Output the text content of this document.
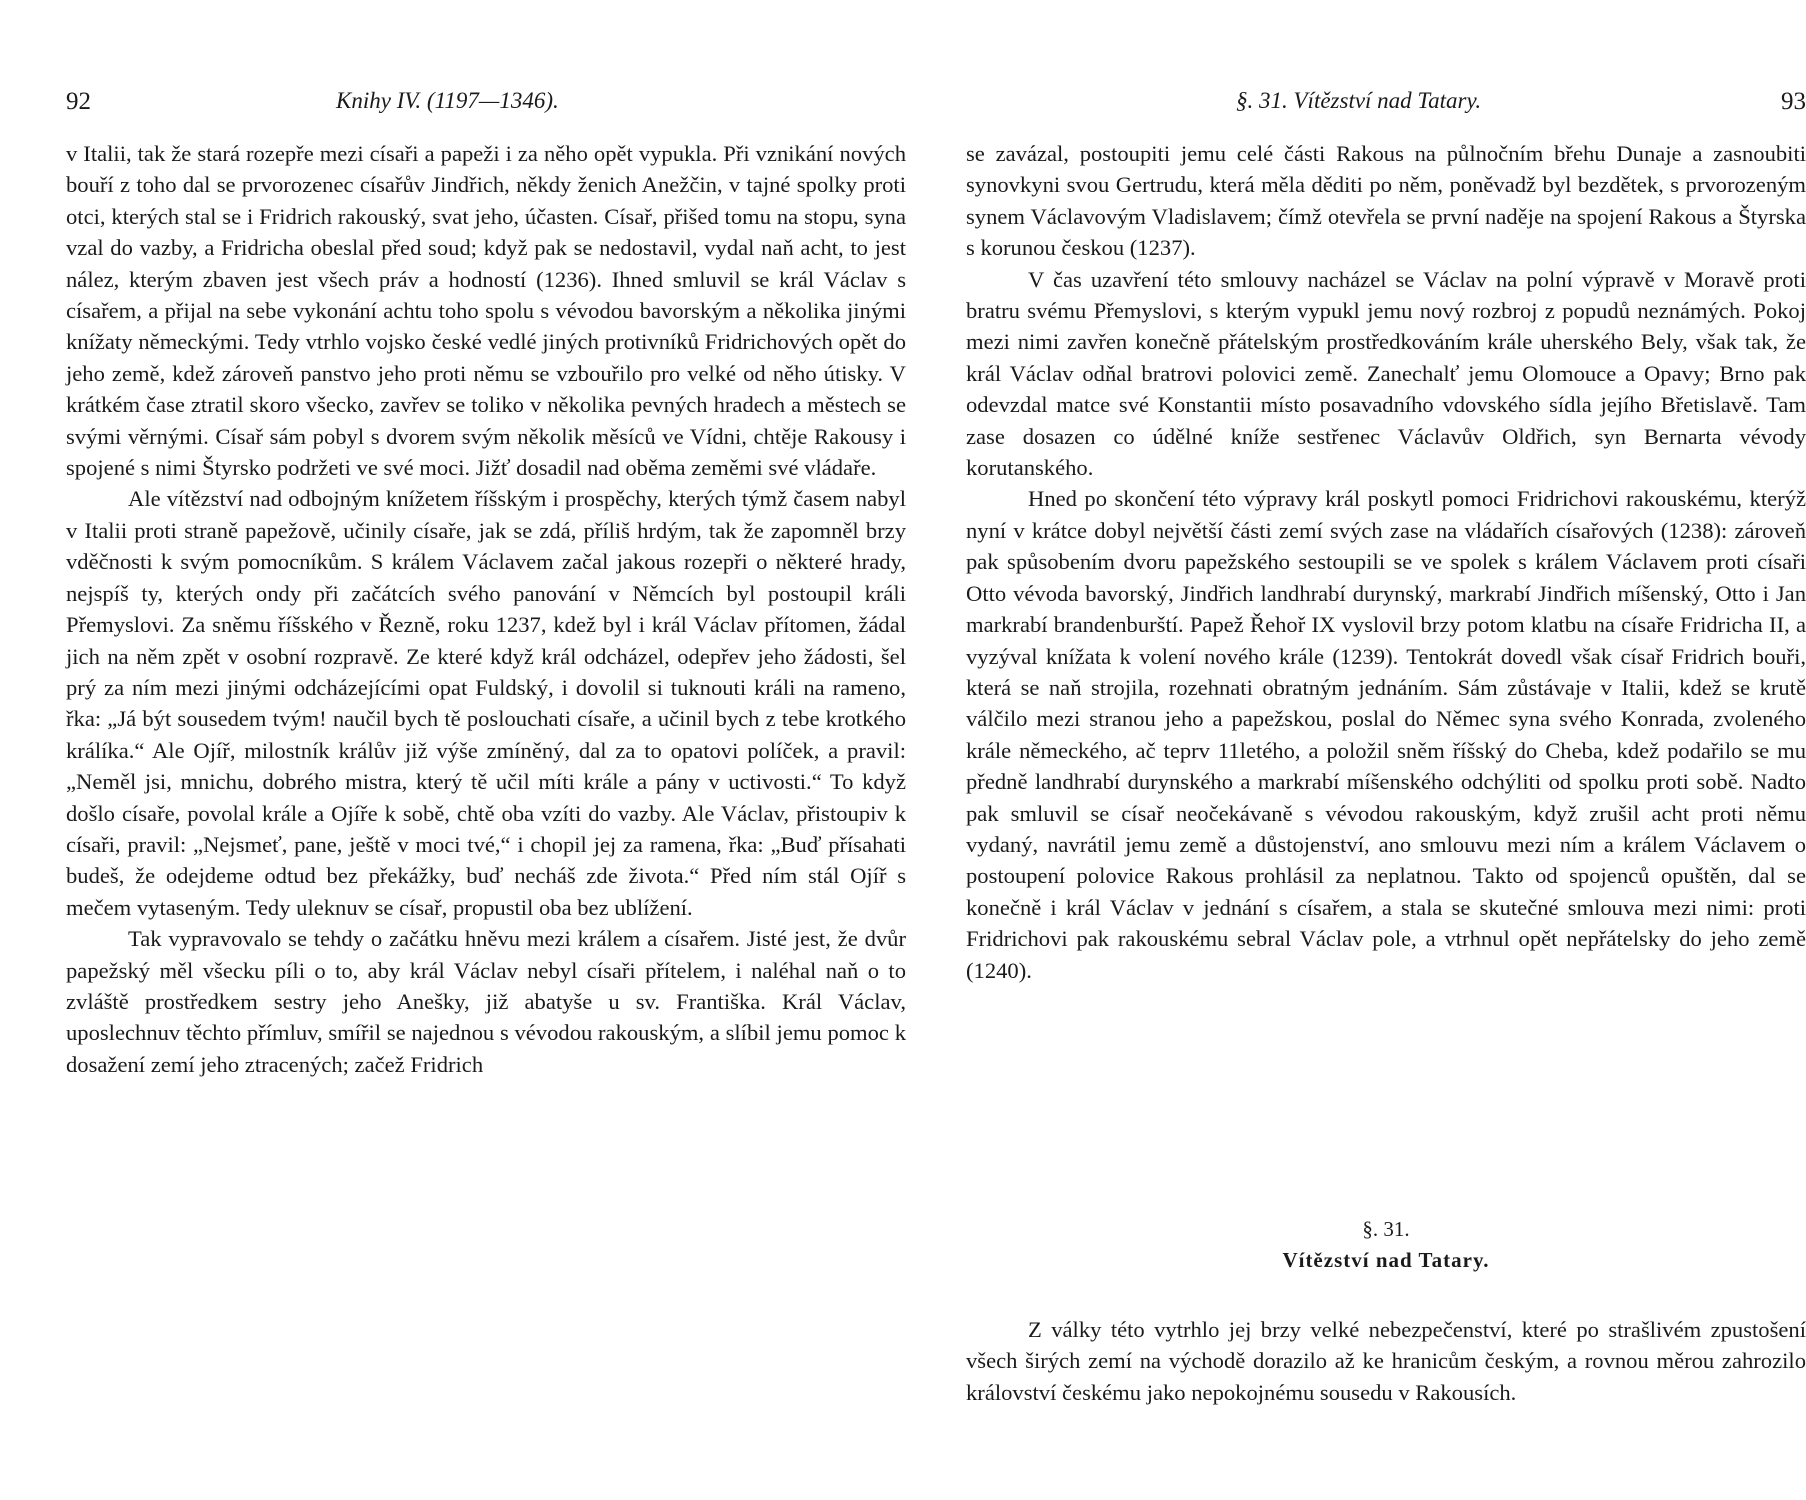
92	Knihy IV. (1197—1346).

v Italii, tak že stará rozepře mezi císaři a papeži i za něho opět vypukla. Při vznikání nových bouří z toho dal se prvorozenec císařův Jindřich, někdy ženich Anežčin, v tajné spolky proti otci, kterých stal se i Fridrich rakouský, svat jeho, účasten. Císař, přišed tomu na stopu, syna vzal do vazby, a Fridricha obeslal před soud; když pak se nedostavil, vydal naň acht, to jest nález, kterým zbaven jest všech práv a hodností (1236). Ihned smluvil se král Václav s císařem, a přijal na sebe vykonání achtu toho spolu s vévodou bavorským a několika jinými knížaty německými. Tedy vtrhlo vojsko české vedlé jiných protivníků Fridrichových opět do jeho země, kdež zároveň panstvo jeho proti němu se vzbouřilo pro velké od něho útisky. V krátkém čase ztratil skoro všecko, zavřev se toliko v několika pevných hradech a městech se svými věrnými. Císař sám pobyl s dvorem svým několik měsíců ve Vídni, chtěje Rakousy i spojené s nimi Štyrsko podržeti ve své moci. Jižť dosadil nad oběma zeměmi své vládaře.

Ale vítězství nad odbojným knížetem říšským i prospěchy, kterých týmž časem nabyl v Italii proti straně papežově, učinily císaře, jak se zdá, příliš hrdým, tak že zapomněl brzy vděčnosti k svým pomocníkům. S králem Václavem začal jakous rozepři o některé hrady, nejspíš ty, kterých ondy při začátcích svého panování v Němcích byl postoupil králi Přemyslovi. Za sněmu říšského v Řezně, roku 1237, kdež byl i král Václav přítomen, žádal jich na něm zpět v osobní rozpravě. Ze které když král odcházel, odepřev jeho žádosti, šel prý za ním mezi jinými odcházejícími opat Fuldský, i dovolil si tuknouti králi na rameno, řka: „Já být sousedem tvým! naučil bych tě poslouchati císaře, a učinil bych z tebe krotkého králíka.“ Ale Ojíř, milostník králův již výše zmíněný, dal za to opatovi políček, a pravil: „Neměl jsi, mnichu, dobrého mistra, který tě učil míti krále a pány v uctivosti.“ To když došlo císaře, povolal krále a Ojíře k sobě, chtě oba vzíti do vazby. Ale Václav, přistoupiv k císaři, pravil: „Nejsmeť, pane, ještě v moci tvé,“ i chopil jej za ramena, řka: „Buď přísahati budeš, že odejdeme odtud bez překážky, buď necháš zde života.“ Před ním stál Ojíř s mečem vytaseným. Tedy uleknuv se císař, propustil oba bez ublížení.

Tak vypravovalo se tehdy o začátku hněvu mezi králem a císařem. Jisté jest, že dvůr papežský měl všecku píli o to, aby král Václav nebyl císaři přítelem, i naléhal naň o to zvláště prostředkem sestry jeho Anešky, již abatyše u sv. Františka. Král Václav, uposlechnuv těchto přímluv, smířil se najednou s vévodou rakouským, a slíbil jemu pomoc k dosažení zemí jeho ztracených; začež Fridrich

§. 31. Vítězství nad Tatary.	93

se zavázal, postoupiti jemu celé části Rakous na půlnočním břehu Dunaje a zasnoubiti synovkyni svou Gertrudu, která měla děditi po něm, poněvadž byl bezdětek, s prvorozeným synem Václavovým Vladislavem; čímž otevřela se první naděje na spojení Rakous a Štyrska s korunou českou (1237).

V čas uzavření této smlouvy nacházel se Václav na polní výpravě v Moravě proti bratru svému Přemyslovi, s kterým vypukl jemu nový rozbroj z popudů neznámých. Pokoj mezi nimi zavřen konečně přátelským prostředkováním krále uherského Bely, však tak, že král Václav odňal bratrovi polovici země. Zanechalť jemu Olomouce a Opavy; Brno pak odevzdal matce své Konstantii místo posavadního vdovského sídla jejího Břetislavě. Tam zase dosazen co údělné kníže sestřenec Václavův Oldřich, syn Bernarta vévody korutanského.

Hned po skončení této výpravy král poskytl pomoci Fridrichovi rakouskému, kterýž nyní v krátce dobyl největší části zemí svých zase na vládařích císařových (1238): zároveň pak spůsobením dvoru papežského sestoupili se ve spolek s králem Václavem proti císaři Otto vévoda bavorský, Jindřich landhrabí durynský, markrabí Jindřich míšenský, Otto i Jan markrabí brandenburští. Papež Řehoř IX vyslovil brzy potom klatbu na císaře Fridricha II, a vyzýval knížata k volení nového krále (1239). Tentokrát dovedl však císař Fridrich bouři, která se naň strojila, rozehnati obratným jednáním. Sám zůstávaje v Italii, kdež se krutě válčilo mezi stranou jeho a papežskou, poslal do Němec syna svého Konrada, zvoleného krále německého, ač teprv 11letého, a položil sněm říšský do Cheba, kdež podařilo se mu předně landhrabí durynského a markrabí míšenského odchýliti od spolku proti sobě. Nadto pak smluvil se císař neočekávaně s vévodou rakouským, když zrušil acht proti němu vydaný, navrátil jemu země a důstojenství, ano smlouvu mezi ním a králem Václavem o postoupení polovice Rakous prohlásil za neplatnou. Takto od spojenců opuštěn, dal se konečně i král Václav v jednání s císařem, a stala se skutečné smlouva mezi nimi: proti Fridrichovi pak rakouskému sebral Václav pole, a vtrhnul opět nepřátelsky do jeho země (1240).

§. 31.
Vítězství nad Tatary.

Z války této vytrhlo jej brzy velké nebezpečenství, které po strašlivém zpustošení všech širých zemí na východě dorazilo až ke hranicům českým, a rovnou měrou zahrozilo království českému jako nepokojnému sousedu v Rakousích.
